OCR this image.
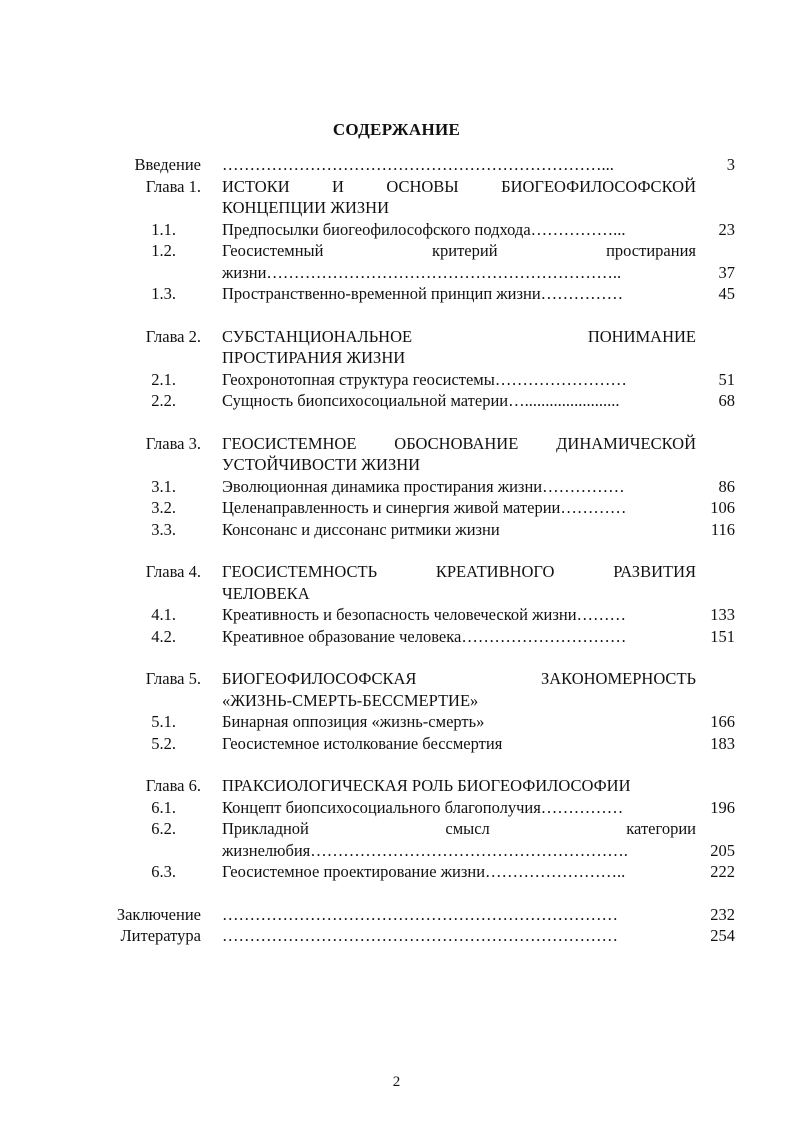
СОДЕРЖАНИЕ
Введение ……………………………………………………………...	3
Глава 1. ИСТОКИ И ОСНОВЫ БИОГЕОФИЛОСОФСКОЙ
КОНЦЕПЦИИ ЖИЗНИ
1.1.	Предпосылки биогеофилософского подхода……………...	23
1.2.	Геосистемный критерий простирания
жизни………………………………………………………..	37
1.3.	Пространственно-временной принцип жизни……………	45
Глава 2. СУБСТАНЦИОНАЛЬНОЕ ПОНИМАНИЕ
ПРОСТИРАНИЯ ЖИЗНИ
2.1.	Геохронотопная структура геосистемы……………………	51
2.2.	Сущность биопсихосоциальной материи….......................	68
Глава 3. ГЕОСИСТЕМНОЕ ОБОСНОВАНИЕ ДИНАМИЧЕСКОЙ
УСТОЙЧИВОСТИ ЖИЗНИ
3.1.	Эволюционная динамика простирания жизни……………	86
3.2.	Целенаправленность и синергия живой материи…………	106
3.3.	Консонанс и диссонанс ритмики жизни	116
Глава 4. ГЕОСИСТЕМНОСТЬ КРЕАТИВНОГО РАЗВИТИЯ
ЧЕЛОВЕКА
4.1.	Креативность и безопасность человеческой жизни………	133
4.2.	Креативное образование человека…………………………	151
Глава 5. БИОГЕОФИЛОСОФСКАЯ ЗАКОНОМЕРНОСТЬ
«ЖИЗНЬ-СМЕРТЬ-БЕССМЕРТИЕ»
5.1.	Бинарная оппозиция «жизнь-смерть»	166
5.2.	Геосистемное истолкование бессмертия	183
Глава 6. ПРАКСИОЛОГИЧЕСКАЯ РОЛЬ БИОГЕОФИЛОСОФИИ
6.1.	Концепт биопсихосоциального благополучия……………	196
6.2.	Прикладной смысл категории
жизнелюбия………………………………………………….	205
6.3.	Геосистемное проектирование жизни……………………..	222
Заключение ………………………………………………………………	232
Литература ………………………………………………………………	254
2
